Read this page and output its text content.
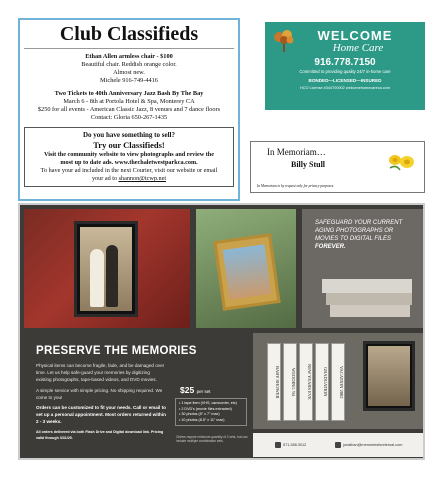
Club Classifieds
Ethan Allen armless chair - $100
Beautiful chair. Reddish orange color.
Almost new.
Michele 916-749-4416
Two Tickets to 40th Anniversary Jazz Bash By The Bay
March 6 - 8th at Portola Hotel & Spa, Monterey CA
$250 for all events - American Classic Jazz, 8 venues and 7 dance floors
Contact: Gloria 650-267-1435
Do you have something to sell?
Try our Classifieds!
Visit the community website to view photographs and review the
most up to date ads. www.thechaletwestparkca.com.
To have your ad included in the next Courier, visit our website or email
your ad to shannon@tcwp.net
WELCOME
Home Care
916.778.7150
Committed to providing quality 24/7 in-home care
BONDED—LICENSED—INSURED
HCO License #344700002 welcomehomecareca.com
In Memoriam…
Billy Stull
In Memoriam is by request only for privacy purposes.
SAFEGUARD YOUR CURRENT AGING PHOTOGRAPHS OR MOVIES TO DIGITAL FILES FOREVER.
PRESERVE THE MEMORIES

Physical items can become fragile, fade, and be damaged over time. Let us help safe-guard your memories by digitizing existing photographs, tape-based videos, and DVD movies.

A simple service with simple pricing. No shipping required. We come to you!

Orders can be customized to fit your needs. Call or email to set up a personal appointment. Most orders returned within 2 - 3 weeks.

All orders delivered via both Flash Drive and Digital download link. Pricing valid through 3/31/25.

$25 per set
• 1 tape item (VHS, camcorder, etc)
• 2 DVD's (movie files extracted)
• 30 photos (5" x 7" max)
• 10 photos (8.5" x 11" max)
Orders require minimum quantity of 2 sets, but can include multiple combination sets.
BABY SHOWER	WEDDING '94	NEW YEARS EVE	GRADUATION	VACATION 2002
571.288.3012	jonathan@memoriesforeternal.com
